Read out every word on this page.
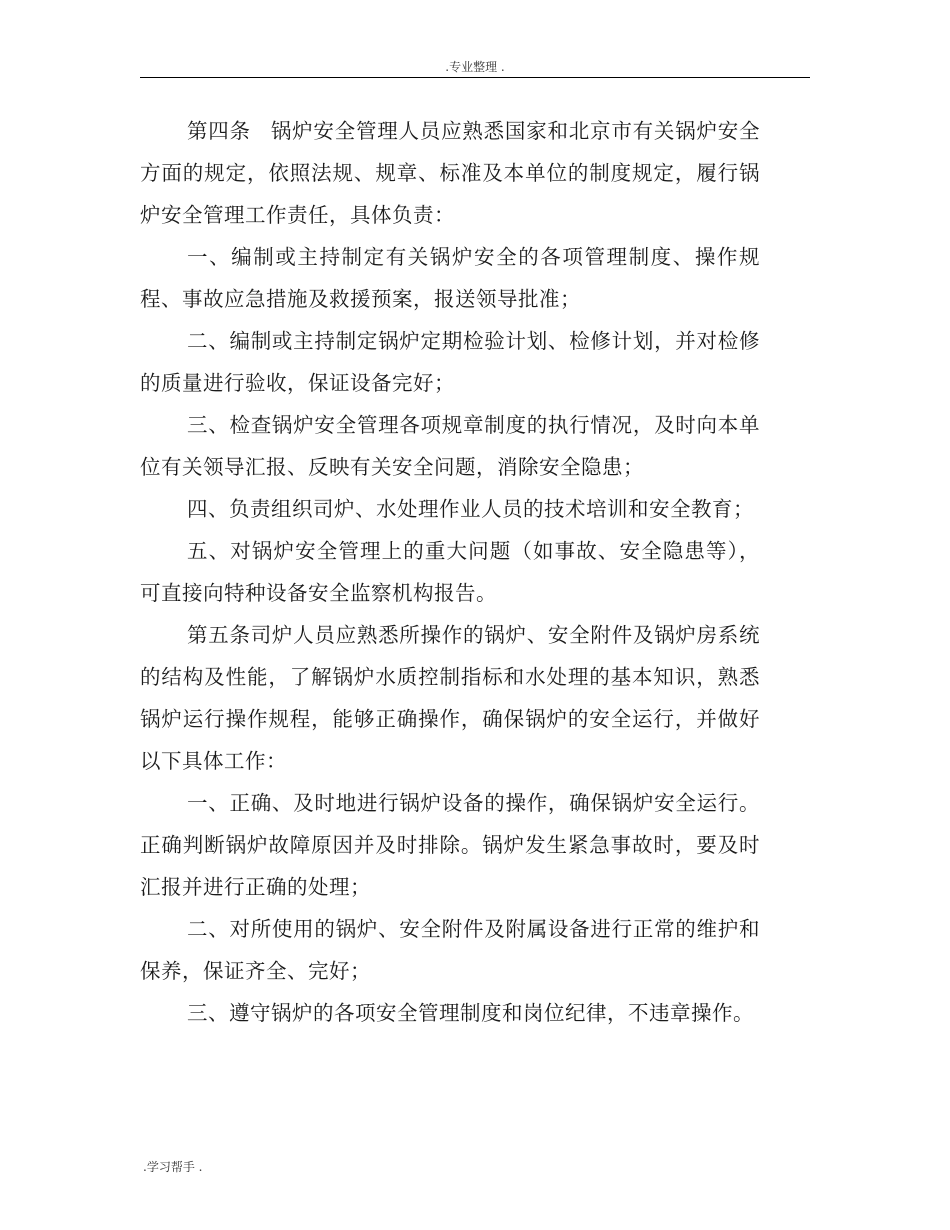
.专业整理 .

第四条 锅炉安全管理人员应熟悉国家和北京市有关锅炉安全方面的规定，依照法规、规章、标准及本单位的制度规定，履行锅炉安全管理工作责任，具体负责：

一、编制或主持制定有关锅炉安全的各项管理制度、操作规程、事故应急措施及救援预案，报送领导批准；

二、编制或主持制定锅炉定期检验计划、检修计划，并对检修的质量进行验收，保证设备完好；

三、检查锅炉安全管理各项规章制度的执行情况，及时向本单位有关领导汇报、反映有关安全问题，消除安全隐患；

四、负责组织司炉、水处理作业人员的技术培训和安全教育；

五、对锅炉安全管理上的重大问题（如事故、安全隐患等），可直接向特种设备安全监察机构报告。

第五条司炉人员应熟悉所操作的锅炉、安全附件及锅炉房系统的结构及性能，了解锅炉水质控制指标和水处理的基本知识，熟悉锅炉运行操作规程，能够正确操作，确保锅炉的安全运行，并做好以下具体工作：

一、正确、及时地进行锅炉设备的操作，确保锅炉安全运行。正确判断锅炉故障原因并及时排除。锅炉发生紧急事故时，要及时汇报并进行正确的处理；

二、对所使用的锅炉、安全附件及附属设备进行正常的维护和保养，保证齐全、完好；

三、遵守锅炉的各项安全管理制度和岗位纪律，不违章操作。

.学习帮手 .
